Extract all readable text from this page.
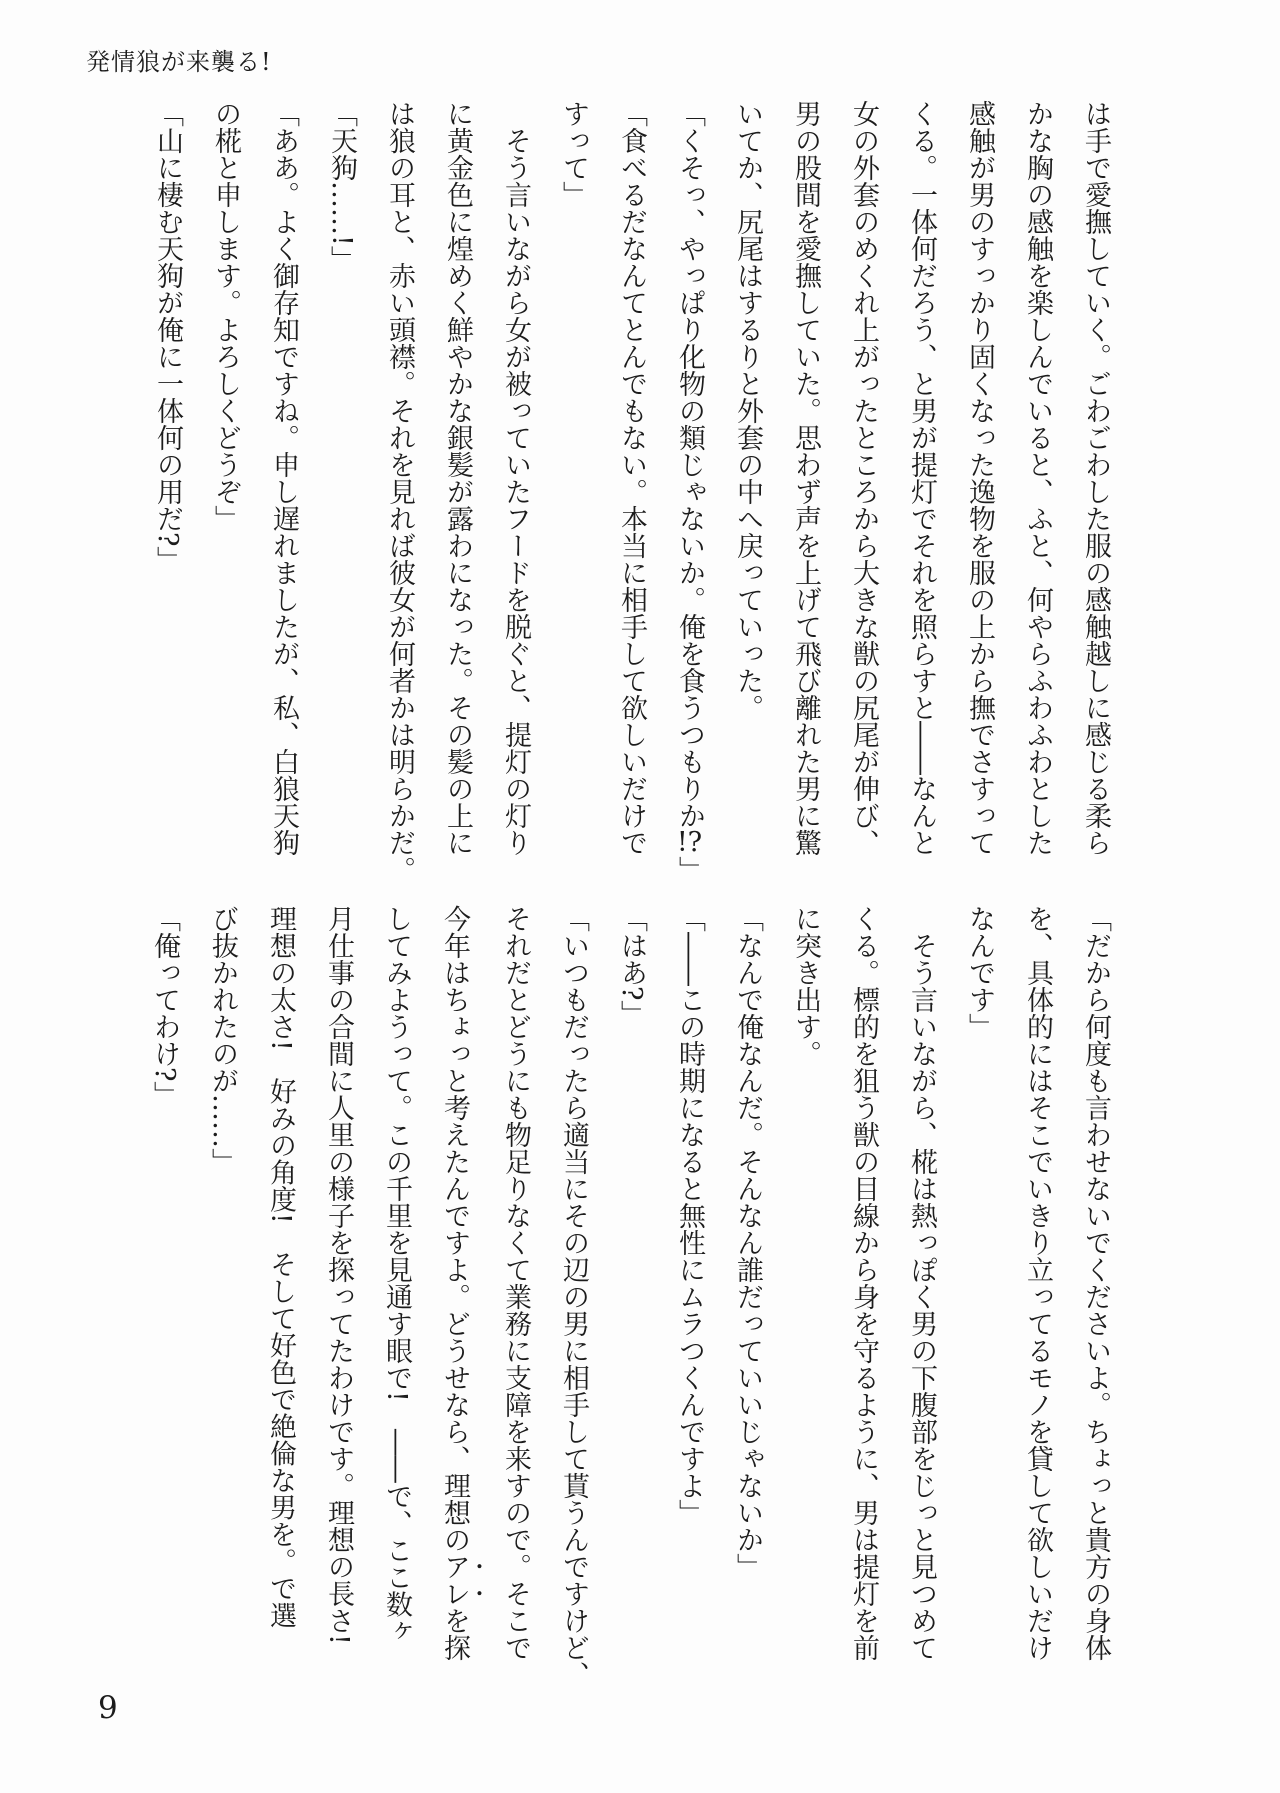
発情狼が来襲る!

は手で愛撫していく。ごわごわした服の感触越しに感じる柔ら

かな胸の感触を楽しんでいると、ふと、何やらふわふわとした

感触が男のすっかり固くなった逸物を服の上から撫でさすって

くる。一体何だろう、と男が提灯でそれを照らすと――なんと

女の外套のめくれ上がったところから大きな獣の尻尾が伸び、

男の股間を愛撫していた。思わず声を上げて飛び離れた男に驚

いてか、尻尾はするりと外套の中へ戻っていった。

「くそっ、やっぱり化物の類じゃないか。俺を食うつもりか!?」

「食べるだなんてとんでもない。本当に相手して欲しいだけで

すって」

　そう言いながら女が被っていたフードを脱ぐと、提灯の灯り

に黄金色に煌めく鮮やかな銀髪が露わになった。その髪の上に

は狼の耳と、赤い頭襟。それを見れば彼女が何者かは明らかだ。

「天狗……!」

「ああ。よく御存知ですね。申し遅れましたが、私、白狼天狗

の椛と申します。よろしくどうぞ」

「山に棲む天狗が俺に一体何の用だ?」

「だから何度も言わせないでくださいよ。ちょっと貴方の身体

を、具体的にはそこでいきり立ってるモノを貸して欲しいだけ

なんです」

　そう言いながら、椛は熱っぽく男の下腹部をじっと見つめて

くる。標的を狙う獣の目線から身を守るように、男は提灯を前

に突き出す。

「なんで俺なんだ。そんなん誰だっていいじゃないか」

「――この時期になると無性にムラつくんですよ」

「はあ?」

「いつもだったら適当にその辺の男に相手して貰うんですけど、

それだとどうにも物足りなくて業務に支障を来すので。そこで

今年はちょっと考えたんですよ。どうせなら、理想のアレを探

してみようって。この千里を見通す眼で!　――で、ここ数ヶ

月仕事の合間に人里の様子を探ってたわけです。理想の長さ!

理想の太さ!　好みの角度!　そして好色で絶倫な男を。で選

び抜かれたのが……」

「俺ってわけ?」

9
